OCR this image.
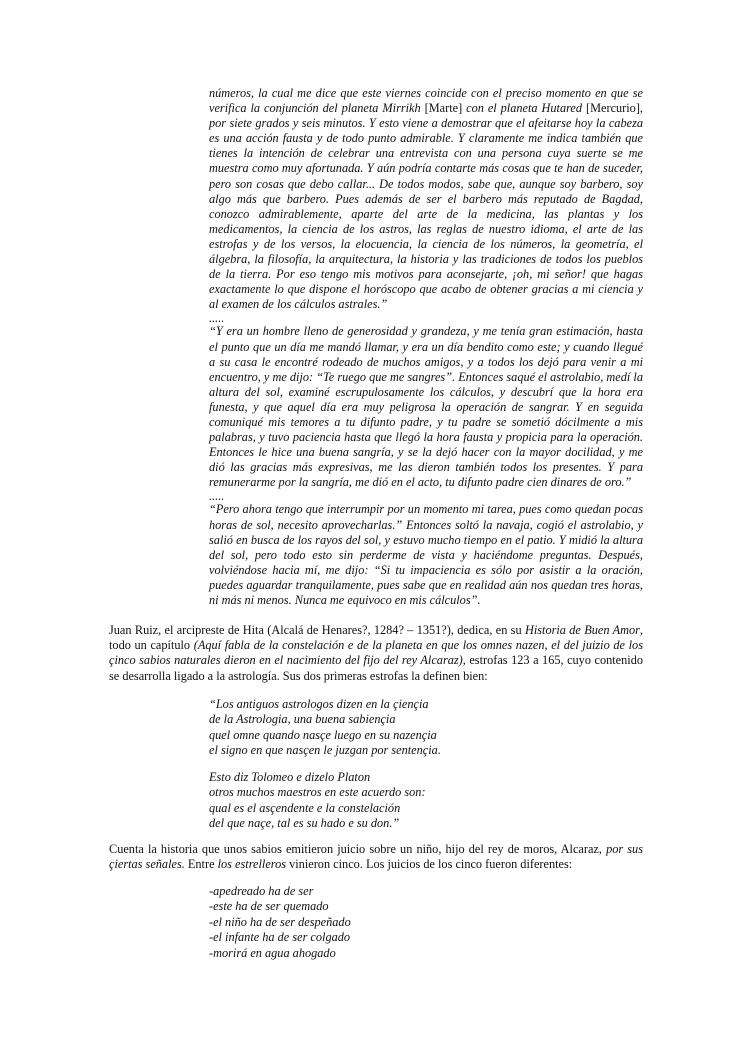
números, la cual me dice que este viernes coincide con el preciso momento en que se verifica la conjunción del planeta Mirrikh [Marte] con el planeta Hutared [Mercurio], por siete grados y seis minutos. Y esto viene a demostrar que el afeitarse hoy la cabeza es una acción fausta y de todo punto admirable. Y claramente me indica también que tienes la intención de celebrar una entrevista con una persona cuya suerte se me muestra como muy afortunada. Y aún podría contarte más cosas que te han de suceder, pero son cosas que debo callar... De todos modos, sabe que, aunque soy barbero, soy algo más que barbero. Pues además de ser el barbero más reputado de Bagdad, conozco admirablemente, aparte del arte de la medicina, las plantas y los medicamentos, la ciencia de los astros, las reglas de nuestro idioma, el arte de las estrofas y de los versos, la elocuencia, la ciencia de los números, la geometría, el álgebra, la filosofía, la arquitectura, la historia y las tradiciones de todos los pueblos de la tierra. Por eso tengo mis motivos para aconsejarte, ¡oh, mi señor! que hagas exactamente lo que dispone el horóscopo que acabo de obtener gracias a mi ciencia y al examen de los cálculos astrales.”

.....

“Y era un hombre lleno de generosidad y grandeza, y me tenía gran estimación, hasta el punto que un día me mandó llamar, y era un día bendito como este; y cuando llegué a su casa le encontré rodeado de muchos amigos, y a todos los dejó para venir a mi encuentro, y me dijo: “Te ruego que me sangres”. Entonces saqué el astrolabio, medí la altura del sol, examiné escrupulosamente los cálculos, y descubrí que la hora era funesta, y que aquel día era muy peligrosa la operación de sangrar. Y en seguida comuniqué mis temores a tu difunto padre, y tu padre se sometió dócilmente a mis palabras, y tuvo paciencia hasta que llegó la hora fausta y propicia para la operación. Entonces le hice una buena sangría, y se la dejó hacer con la mayor docilidad, y me dió las gracias más expresivas, me las dieron también todos los presentes. Y para remunerarme por la sangría, me dió en el acto, tu difunto padre cien dinares de oro.”

.....

“Pero ahora tengo que interrumpir por un momento mi tarea, pues como quedan pocas horas de sol, necesito aprovecharlas.” Entonces soltó la navaja, cogió el astrolabio, y salió en busca de los rayos del sol, y estuvo mucho tiempo en el patio. Y midió la altura del sol, pero todo esto sin perderme de vista y haciéndome preguntas. Después, volviéndose hacia mí, me dijo: “Si tu impaciencia es sólo por asistir a la oración, puedes aguardar tranquilamente, pues sabe que en realidad aún nos quedan tres horas, ni más ni menos. Nunca me equivoco en mis cálculos”.

Juan Ruiz, el arcipreste de Hita (Alcalá de Henares?, 1284? – 1351?), dedica, en su Historia de Buen Amor, todo un capítulo (Aquí fabla de la constelación e de la planeta en que los omnes nazen, el del juizio de los çinco sabios naturales dieron en el nacimiento del fijo del rey Alcaraz), estrofas 123 a 165, cuyo contenido se desarrolla ligado a la astrología. Sus dos primeras estrofas la definen bien:

“Los antiguos astrologos dizen en la çiençia
de la Astrologia, una buena sabiençia
quel omne quando nasçe luego en su nazençia
el signo en que nasçen le juzgan por sentençia.
Esto diz Tolomeo e dizelo Platon
otros muchos maestros en este acuerdo son:
qual es el asçendente e la constelación
del que naçe, tal es su hado e su don.”

Cuenta la historia que unos sabios emitieron juicio sobre un niño, hijo del rey de moros, Alcaraz, por sus çiertas señales. Entre los estrelleros vinieron cinco. Los juicios de los cinco fueron diferentes:

-apedreado ha de ser
-este ha de ser quemado
-el niño ha de ser despeñado
-el infante ha de ser colgado
-morirá en agua ahogado
